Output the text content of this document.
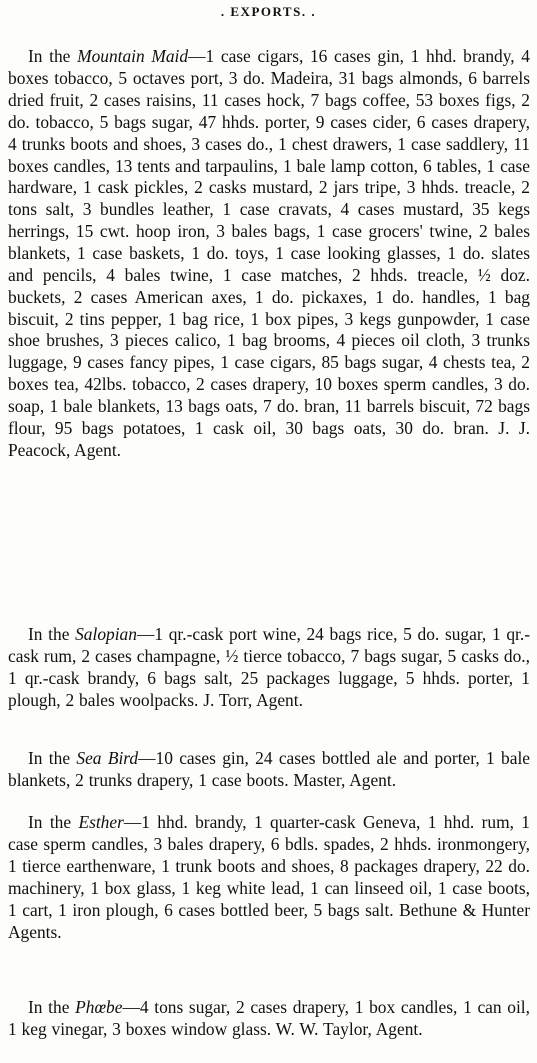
. EXPORTS. .

In the Mountain Maid—1 case cigars, 16 cases gin, 1 hhd. brandy, 4 boxes tobacco, 5 octaves port, 3 do. Madeira, 31 bags almonds, 6 barrels dried fruit, 2 cases raisins, 11 cases hock, 7 bags coffee, 53 boxes figs, 2 do. tobacco, 5 bags sugar, 47 hhds. porter, 9 cases cider, 6 cases drapery, 4 trunks boots and shoes, 3 cases do., 1 chest drawers, 1 case saddlery, 11 boxes candles, 13 tents and tarpaulins, 1 bale lamp cotton, 6 tables, 1 case hardware, 1 cask pickles, 2 casks mustard, 2 jars tripe, 3 hhds. treacle, 2 tons salt, 3 bundles leather, 1 case cravats, 4 cases mustard, 35 kegs herrings, 15 cwt. hoop iron, 3 bales bags, 1 case grocers' twine, 2 bales blankets, 1 case baskets, 1 do. toys, 1 case looking glasses, 1 do. slates and pencils, 4 bales twine, 1 case matches, 2 hhds. treacle, ½ doz. buckets, 2 cases American axes, 1 do. pickaxes, 1 do. handles, 1 bag biscuit, 2 tins pepper, 1 bag rice, 1 box pipes, 3 kegs gunpowder, 1 case shoe brushes, 3 pieces calico, 1 bag brooms, 4 pieces oil cloth, 3 trunks luggage, 9 cases fancy pipes, 1 case cigars, 85 bags sugar, 4 chests tea, 2 boxes tea, 42lbs. tobacco, 2 cases drapery, 10 boxes sperm candles, 3 do. soap, 1 bale blankets, 13 bags oats, 7 do. bran, 11 barrels biscuit, 72 bags flour, 95 bags potatoes, 1 cask oil, 30 bags oats, 30 do. bran. J. J. Peacock, Agent.

In the Salopian—1 qr.-cask port wine, 24 bags rice, 5 do. sugar, 1 qr.-cask rum, 2 cases champagne, ½ tierce tobacco, 7 bags sugar, 5 casks do., 1 qr.-cask brandy, 6 bags salt, 25 packages luggage, 5 hhds. porter, 1 plough, 2 bales woolpacks. J. Torr, Agent.

In the Sea Bird—10 cases gin, 24 cases bottled ale and porter, 1 bale blankets, 2 trunks drapery, 1 case boots. Master, Agent.

In the Esther—1 hhd. brandy, 1 quarter-cask Geneva, 1 hhd. rum, 1 case sperm candles, 3 bales drapery, 6 bdls. spades, 2 hhds. ironmongery, 1 tierce earthenware, 1 trunk boots and shoes, 8 packages drapery, 22 do. machinery, 1 box glass, 1 keg white lead, 1 can linseed oil, 1 case boots, 1 cart, 1 iron plough, 6 cases bottled beer, 5 bags salt. Bethune & Hunter Agents.

In the Phœbe—4 tons sugar, 2 cases drapery, 1 box candles, 1 can oil, 1 keg vinegar, 3 boxes window glass. W. W. Taylor, Agent.
